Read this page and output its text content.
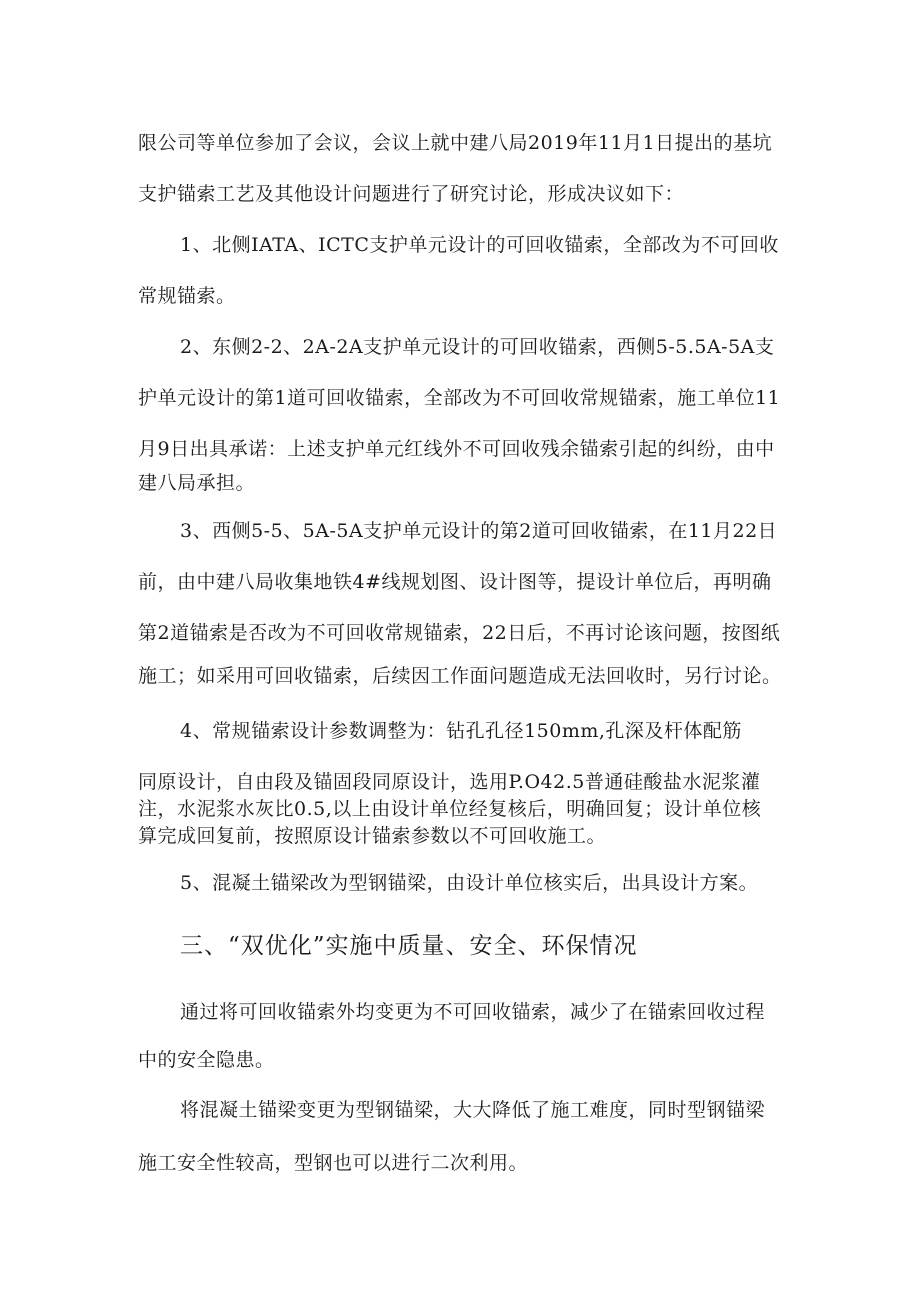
限公司等单位参加了会议，会议上就中建八局2019年11月1日提出的基坑

支护锚索工艺及其他设计问题进行了研究讨论，形成决议如下：

1、北侧IATA、ICTC支护单元设计的可回收锚索，全部改为不可回收

常规锚索。

2、东侧2-2、2A-2A支护单元设计的可回收锚索，西侧5-5.5A-5A支

护单元设计的第1道可回收锚索，全部改为不可回收常规锚索，施工单位11

月9日出具承诺：上述支护单元红线外不可回收残余锚索引起的纠纷，由中

建八局承担。

3、西侧5-5、5A-5A支护单元设计的第2道可回收锚索，在11月22日

前，由中建八局收集地铁4#线规划图、设计图等，提设计单位后，再明确

第2道锚索是否改为不可回收常规锚索，22日后，不再讨论该问题，按图纸

施工；如采用可回收锚索，后续因工作面问题造成无法回收时，另行讨论。

4、常规锚索设计参数调整为：钻孔孔径150mm,孔深及杆体配筋

同原设计，自由段及锚固段同原设计，选用P.O42.5普通硅酸盐水泥浆灌

注，水泥浆水灰比0.5,以上由设计单位经复核后，明确回复；设计单位核

算完成回复前，按照原设计锚索参数以不可回收施工。

5、混凝土锚梁改为型钢锚梁，由设计单位核实后，出具设计方案。

三、“双优化”实施中质量、安全、环保情况

通过将可回收锚索外均变更为不可回收锚索，减少了在锚索回收过程

中的安全隐患。

将混凝土锚梁变更为型钢锚梁，大大降低了施工难度，同时型钢锚梁

施工安全性较高，型钢也可以进行二次利用。
